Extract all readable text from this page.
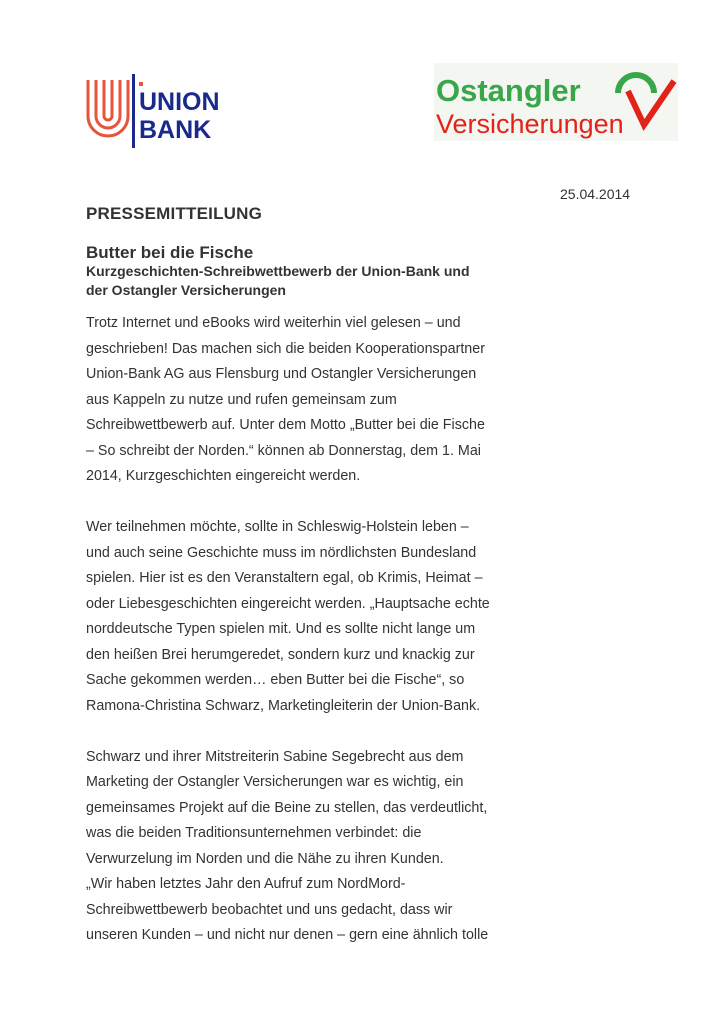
UNION
BANK
Ostangler
Versicherungen
25.04.2014
PRESSEMITTEILUNG
Butter bei die Fische
Kurzgeschichten-Schreibwettbewerb der Union-Bank und
der Ostangler Versicherungen

Trotz Internet und eBooks wird weiterhin viel gelesen – und
geschrieben! Das machen sich die beiden Kooperationspartner
Union-Bank AG aus Flensburg und Ostangler Versicherungen
aus Kappeln zu nutze und rufen gemeinsam zum
Schreibwettbewerb auf. Unter dem Motto „Butter bei die Fische
– So schreibt der Norden.“ können ab Donnerstag, dem 1. Mai
2014, Kurzgeschichten eingereicht werden.

Wer teilnehmen möchte, sollte in Schleswig-Holstein leben –
und auch seine Geschichte muss im nördlichsten Bundesland
spielen. Hier ist es den Veranstaltern egal, ob Krimis, Heimat –
oder Liebesgeschichten eingereicht werden. „Hauptsache echte
norddeutsche Typen spielen mit. Und es sollte nicht lange um
den heißen Brei herumgeredet, sondern kurz und knackig zur
Sache gekommen werden… eben Butter bei die Fische“, so
Ramona-Christina Schwarz, Marketingleiterin der Union-Bank.

Schwarz und ihrer Mitstreiterin Sabine Segebrecht aus dem
Marketing der Ostangler Versicherungen war es wichtig, ein
gemeinsames Projekt auf die Beine zu stellen, das verdeutlicht,
was die beiden Traditionsunternehmen verbindet: die
Verwurzelung im Norden und die Nähe zu ihren Kunden.
„Wir haben letztes Jahr den Aufruf zum NordMord-
Schreibwettbewerb beobachtet und uns gedacht, dass wir
unseren Kunden – und nicht nur denen – gern eine ähnlich tolle
